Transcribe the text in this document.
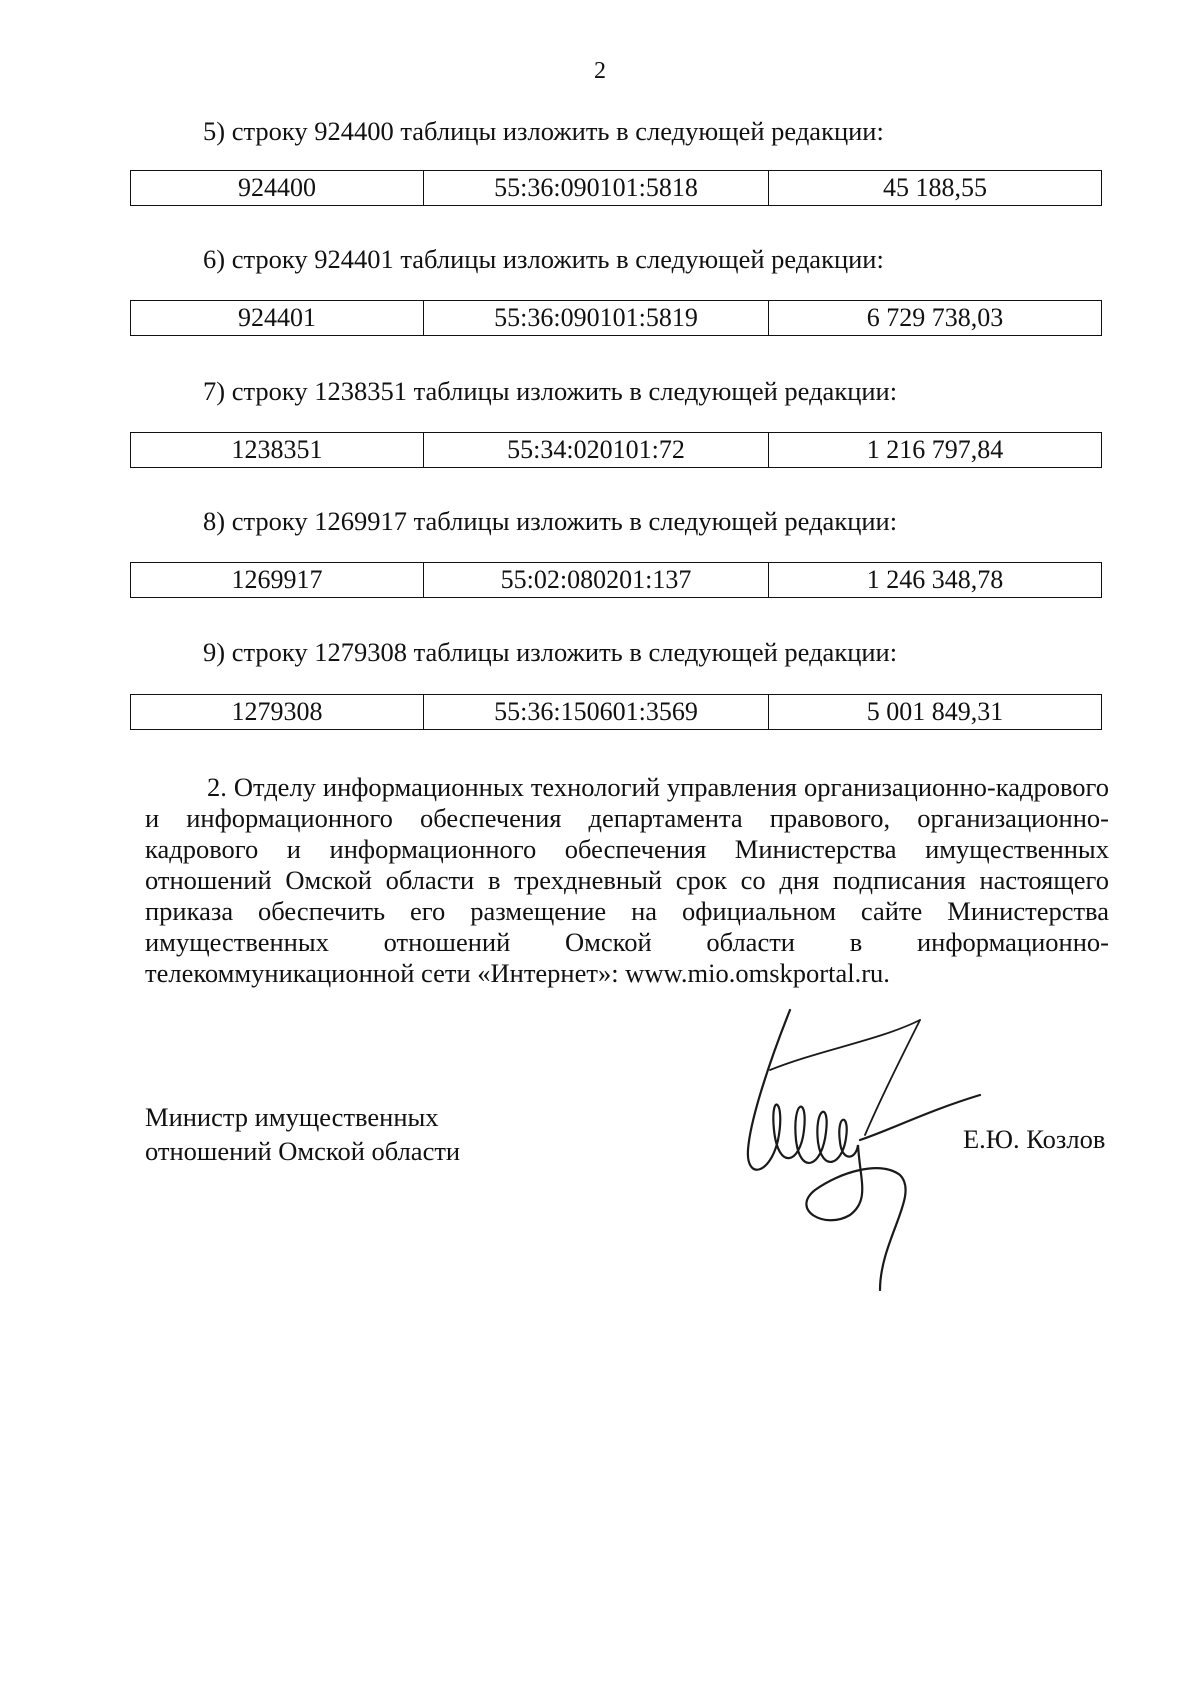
2
5) строку 924400 таблицы изложить в следующей редакции:
924400	55:36:090101:5818	45 188,55
6) строку 924401 таблицы изложить в следующей редакции:
924401	55:36:090101:5819	6 729 738,03
7) строку 1238351 таблицы изложить в следующей редакции:
1238351	55:34:020101:72	1 216 797,84
8) строку 1269917 таблицы изложить в следующей редакции:
1269917	55:02:080201:137	1 246 348,78
9) строку 1279308 таблицы изложить в следующей редакции:
1279308	55:36:150601:3569	5 001 849,31
2. Отделу информационных технологий управления организационно-кадрового и информационного обеспечения департамента правового, организационно-кадрового и информационного обеспечения Министерства имущественных отношений Омской области в трехдневный срок со дня подписания настоящего приказа обеспечить его размещение на официальном сайте Министерства имущественных отношений Омской области в информационно-телекоммуникационной сети «Интернет»: www.mio.omskportal.ru.
Министр имущественных
отношений Омской области	Е.Ю. Козлов
